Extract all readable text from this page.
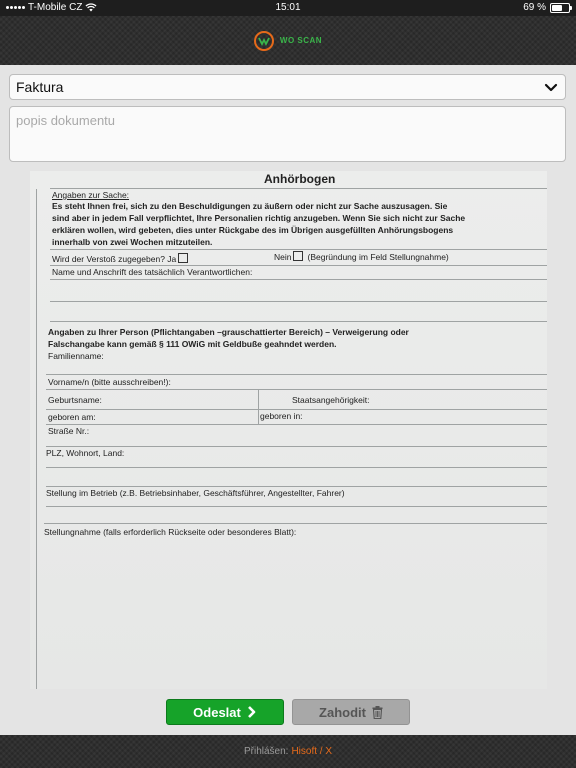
T-Mobile CZ	15:01	69 %
WO SCAN
Faktura
popis dokumentu
Anhörbogen
Angaben zur Sache:
Es steht Ihnen frei, sich zu den Beschuldigungen zu äußern oder nicht zur Sache auszusagen. Sie
sind aber in jedem Fall verpflichtet, Ihre Personalien richtig anzugeben. Wenn Sie sich nicht zur Sache
erklären wollen, wird gebeten, dies unter Rückgabe des im Übrigen ausgefüllten Anhörungsbogens
innerhalb von zwei Wochen mitzuteilen.
Wird der Verstoß zugegeben? Ja	Nein (Begründung im Feld Stellungnahme)
Name und Anschrift des tatsächlich Verantwortlichen:
Angaben zu Ihrer Person (Pflichtangaben –grauschattierter Bereich) – Verweigerung oder
Falschangabe kann gemäß § 111 OWiG mit Geldbuße geahndet werden.
Familienname:
Vorname/n (bitte ausschreiben!):
Geburtsname:	Staatsangehörigkeit:
geboren am:	geboren in:
Straße Nr.:
PLZ, Wohnort, Land:
Stellung im Betrieb (z.B. Betriebsinhaber, Geschäftsführer, Angestellter, Fahrer)
Stellungnahme (falls erforderlich Rückseite oder besonderes Blatt):
Odeslat	Zahodit
Přihlášen: Hisoft / X
